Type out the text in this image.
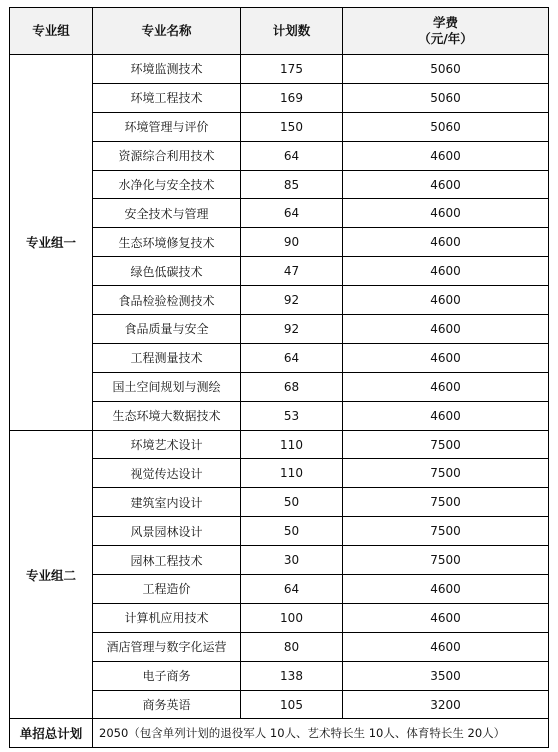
专业组	专业名称	计划数	学费
（元/年）

专业组一	环境监测技术	175	5060
	环境工程技术	169	5060
	环境管理与评价	150	5060
	资源综合利用技术	64	4600
	水净化与安全技术	85	4600
	安全技术与管理	64	4600
	生态环境修复技术	90	4600
	绿色低碳技术	47	4600
	食品检验检测技术	92	4600
	食品质量与安全	92	4600
	工程测量技术	64	4600
	国土空间规划与测绘	68	4600
	生态环境大数据技术	53	4600
专业组二	环境艺术设计	110	7500
	视觉传达设计	110	7500
	建筑室内设计	50	7500
	风景园林设计	50	7500
	园林工程技术	30	7500
	工程造价	64	4600
	计算机应用技术	100	4600
	酒店管理与数字化运营	80	4600
	电子商务	138	3500
	商务英语	105	3200
单招总计划	2050（包含单列计划的退役军人 10人、艺术特长生 10人、体育特长生 20人）		
